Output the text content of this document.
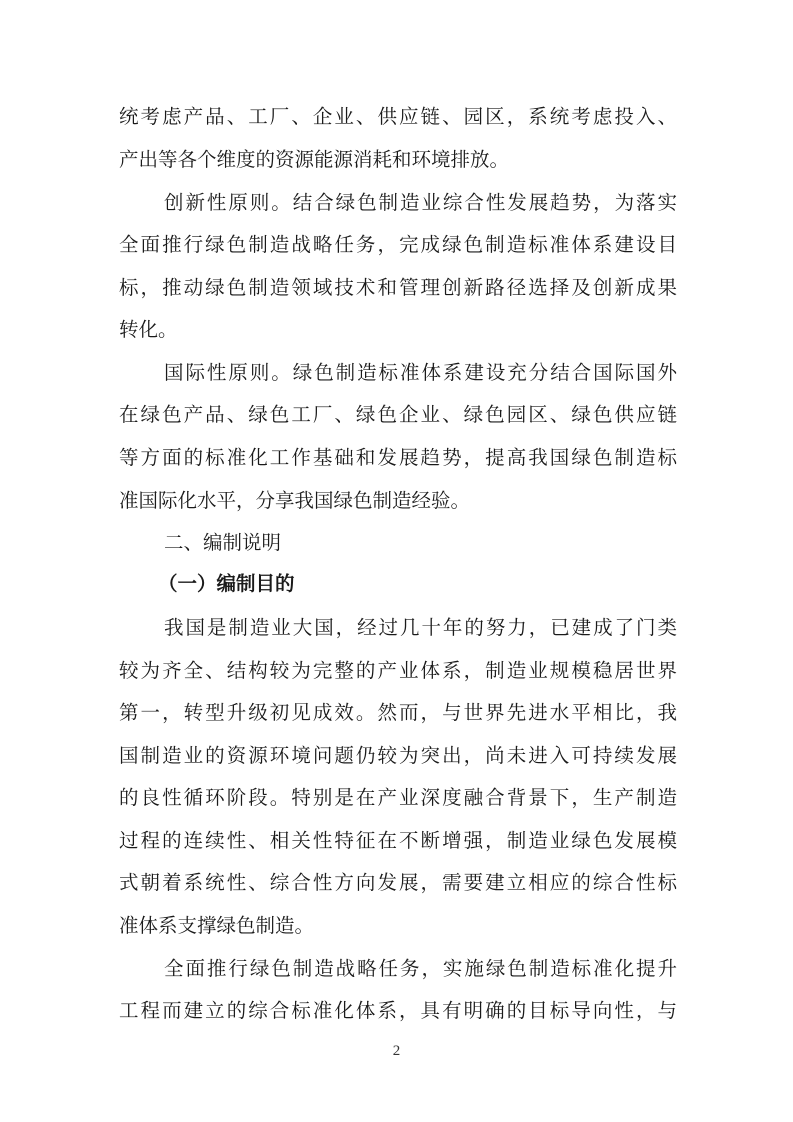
统考虑产品、工厂、企业、供应链、园区，系统考虑投入、
产出等各个维度的资源能源消耗和环境排放。
创新性原则。结合绿色制造业综合性发展趋势，为落实
全面推行绿色制造战略任务，完成绿色制造标准体系建设目
标，推动绿色制造领域技术和管理创新路径选择及创新成果
转化。
国际性原则。绿色制造标准体系建设充分结合国际国外
在绿色产品、绿色工厂、绿色企业、绿色园区、绿色供应链
等方面的标准化工作基础和发展趋势，提高我国绿色制造标
准国际化水平，分享我国绿色制造经验。
二、编制说明
（一）编制目的
我国是制造业大国，经过几十年的努力，已建成了门类
较为齐全、结构较为完整的产业体系，制造业规模稳居世界
第一，转型升级初见成效。然而，与世界先进水平相比，我
国制造业的资源环境问题仍较为突出，尚未进入可持续发展
的良性循环阶段。特别是在产业深度融合背景下，生产制造
过程的连续性、相关性特征在不断增强，制造业绿色发展模
式朝着系统性、综合性方向发展，需要建立相应的综合性标
准体系支撑绿色制造。
全面推行绿色制造战略任务，实施绿色制造标准化提升
工程而建立的综合标准化体系，具有明确的目标导向性，与
2
